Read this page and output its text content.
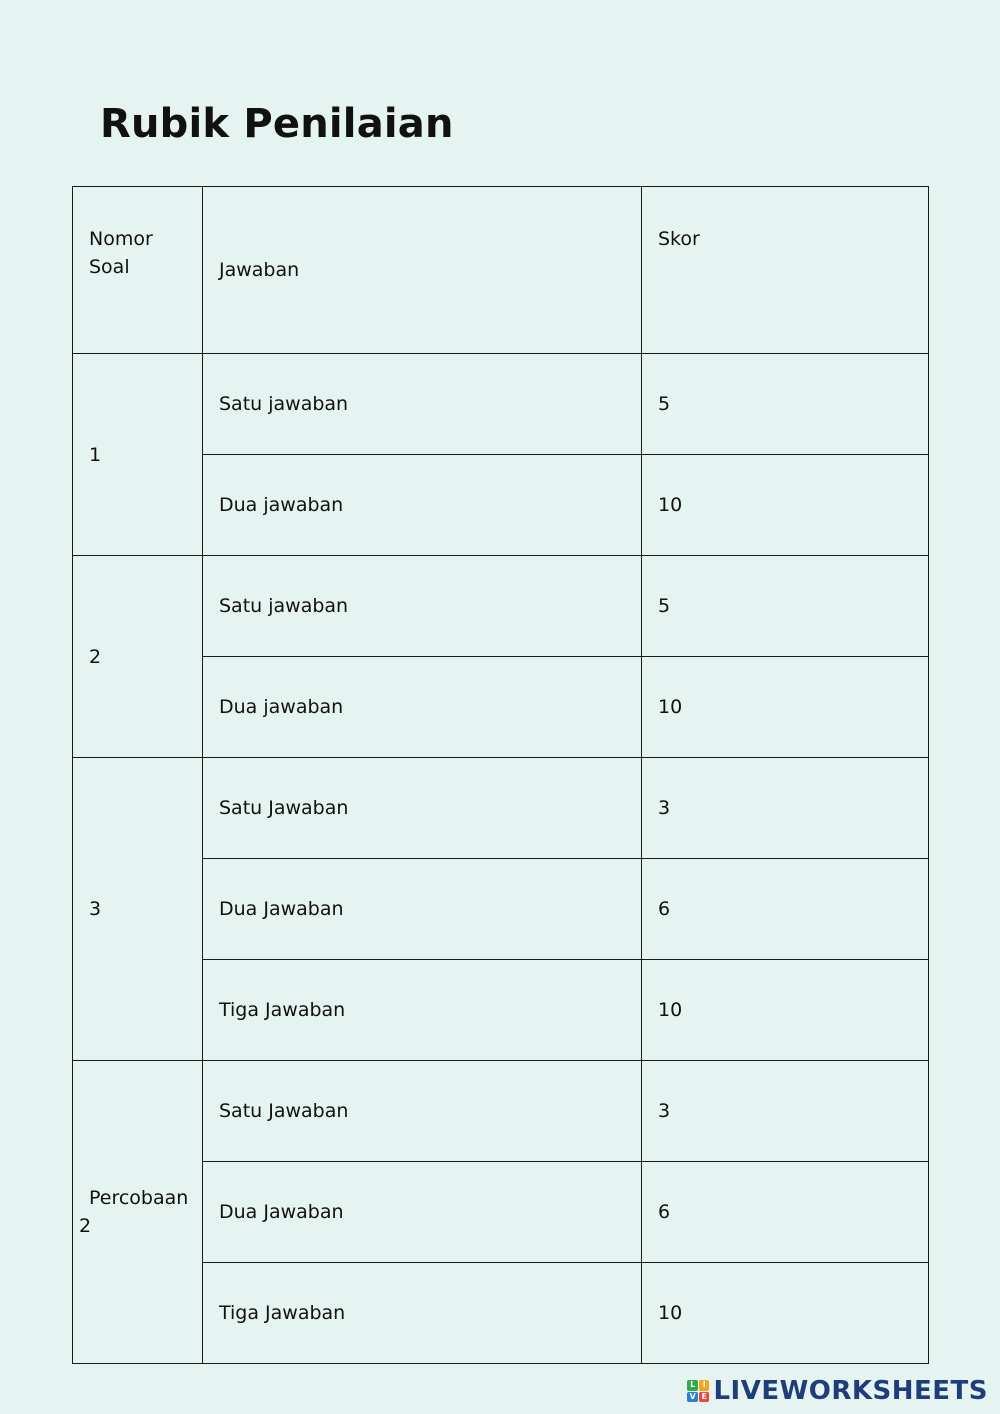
Rubik Penilaian
Nomor
Soal	Jawaban	Skor
1	Satu jawaban	5
	Dua jawaban	10
2	Satu jawaban	5
	Dua jawaban	10
3	Satu Jawaban	3
	Dua Jawaban	6
	Tiga Jawaban	10

Percobaan
2	Satu Jawaban	3
	Dua Jawaban	6
	Tiga Jawaban	10
L I
V E LIVEWORKSHEETS
